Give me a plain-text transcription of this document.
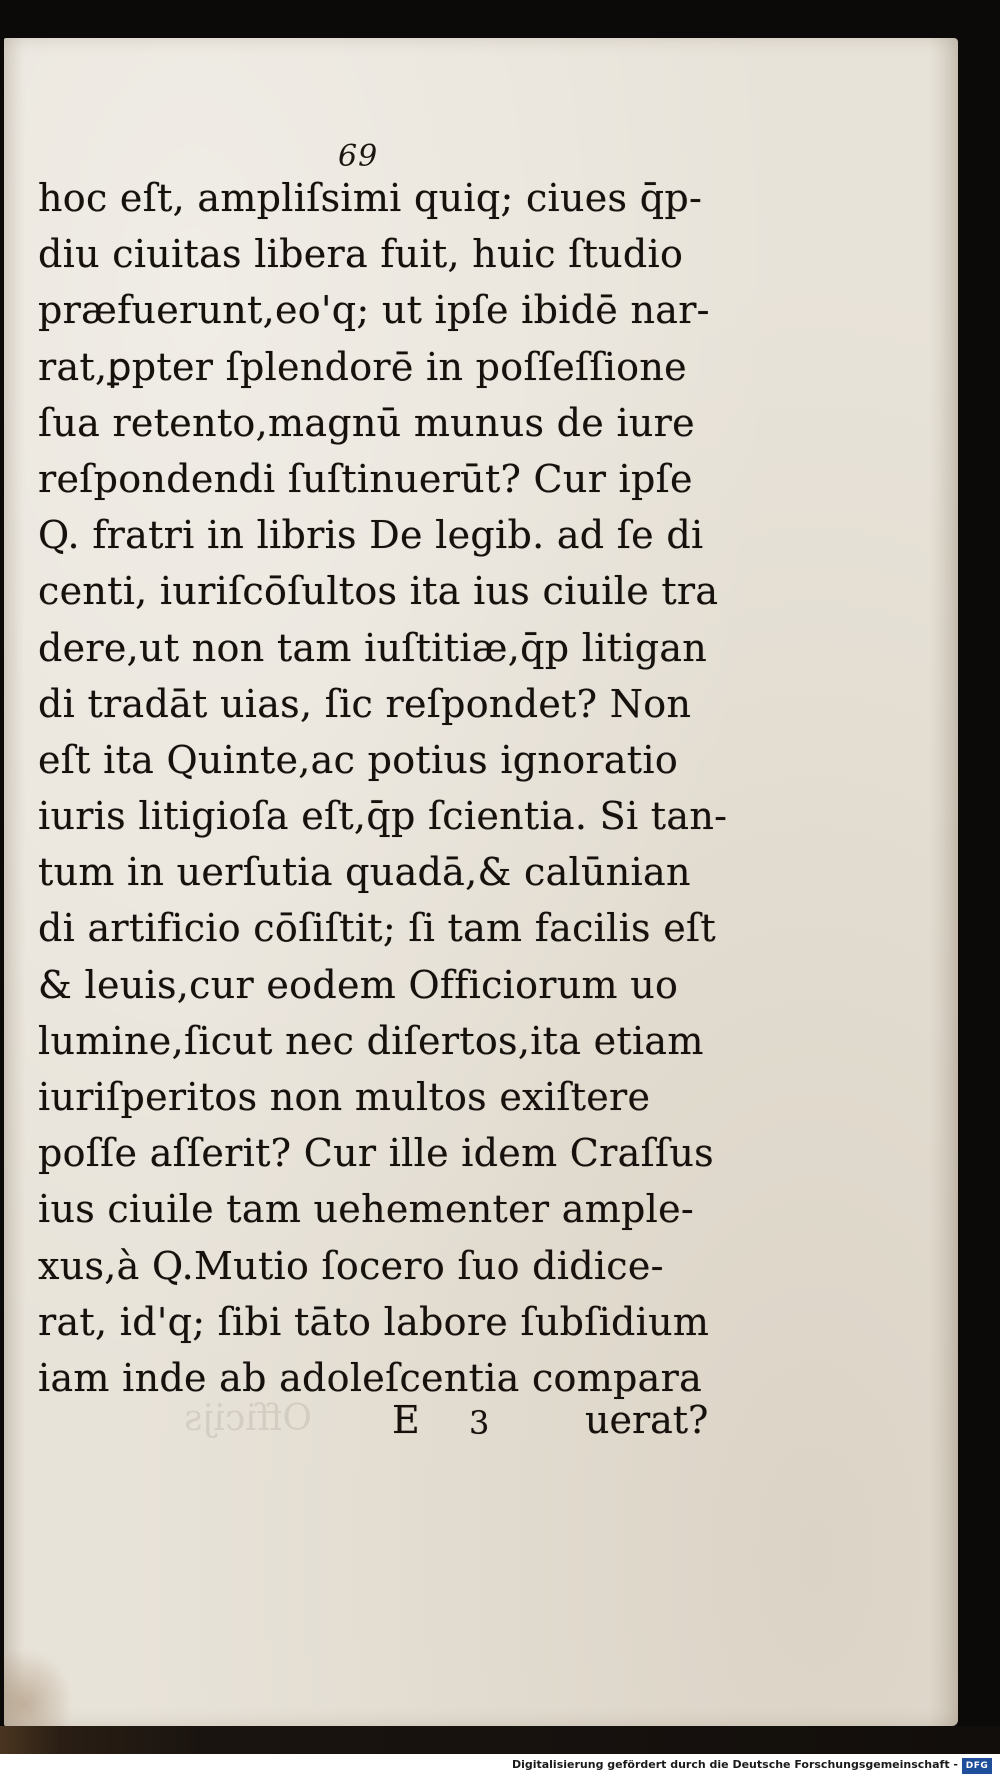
69
hoc eſt, ampliſsimi quiq; ciues q̄p-
diu ciuitas libera fuit, huic ſtudio
præfuerunt,eo'q; ut ipſe ibidē nar-
rat,ꝑpter ſplendorē in poſſeſſione
ſua retento,magnū munus de iure
reſpondendi ſuſtinuerūt? Cur ipſe
Q. fratri in libris De legib. ad ſe di
centi, iuriſcōſultos ita ius ciuile tra
dere,ut non tam iuſtitiæ,q̄p litigan
di tradāt uias, ſic reſpondet? Non
eſt ita Quinte,ac potius ignoratio
iuris litigioſa eſt,q̄p ſcientia. Si tan-
tum in uerſutia quadā,& calūnian
di artificio cōſiſtit; ſi tam facilis eſt
& leuis,cur eodem Officiorum uo
lumine,ſicut nec diſertos,ita etiam
iuriſperitos non multos exiſtere
poſſe aſſerit? Cur ille idem Craſſus
ius ciuile tam uehementer ample-
xus,à Q.Mutio ſocero ſuo didice-
rat, id'q; ſibi tāto labore ſubſidium
iam inde ab adoleſcentia compara
Officijs E 3	uerat?
Digitalisierung gefördert durch die Deutsche Forschungsgemeinschaft - DFG
